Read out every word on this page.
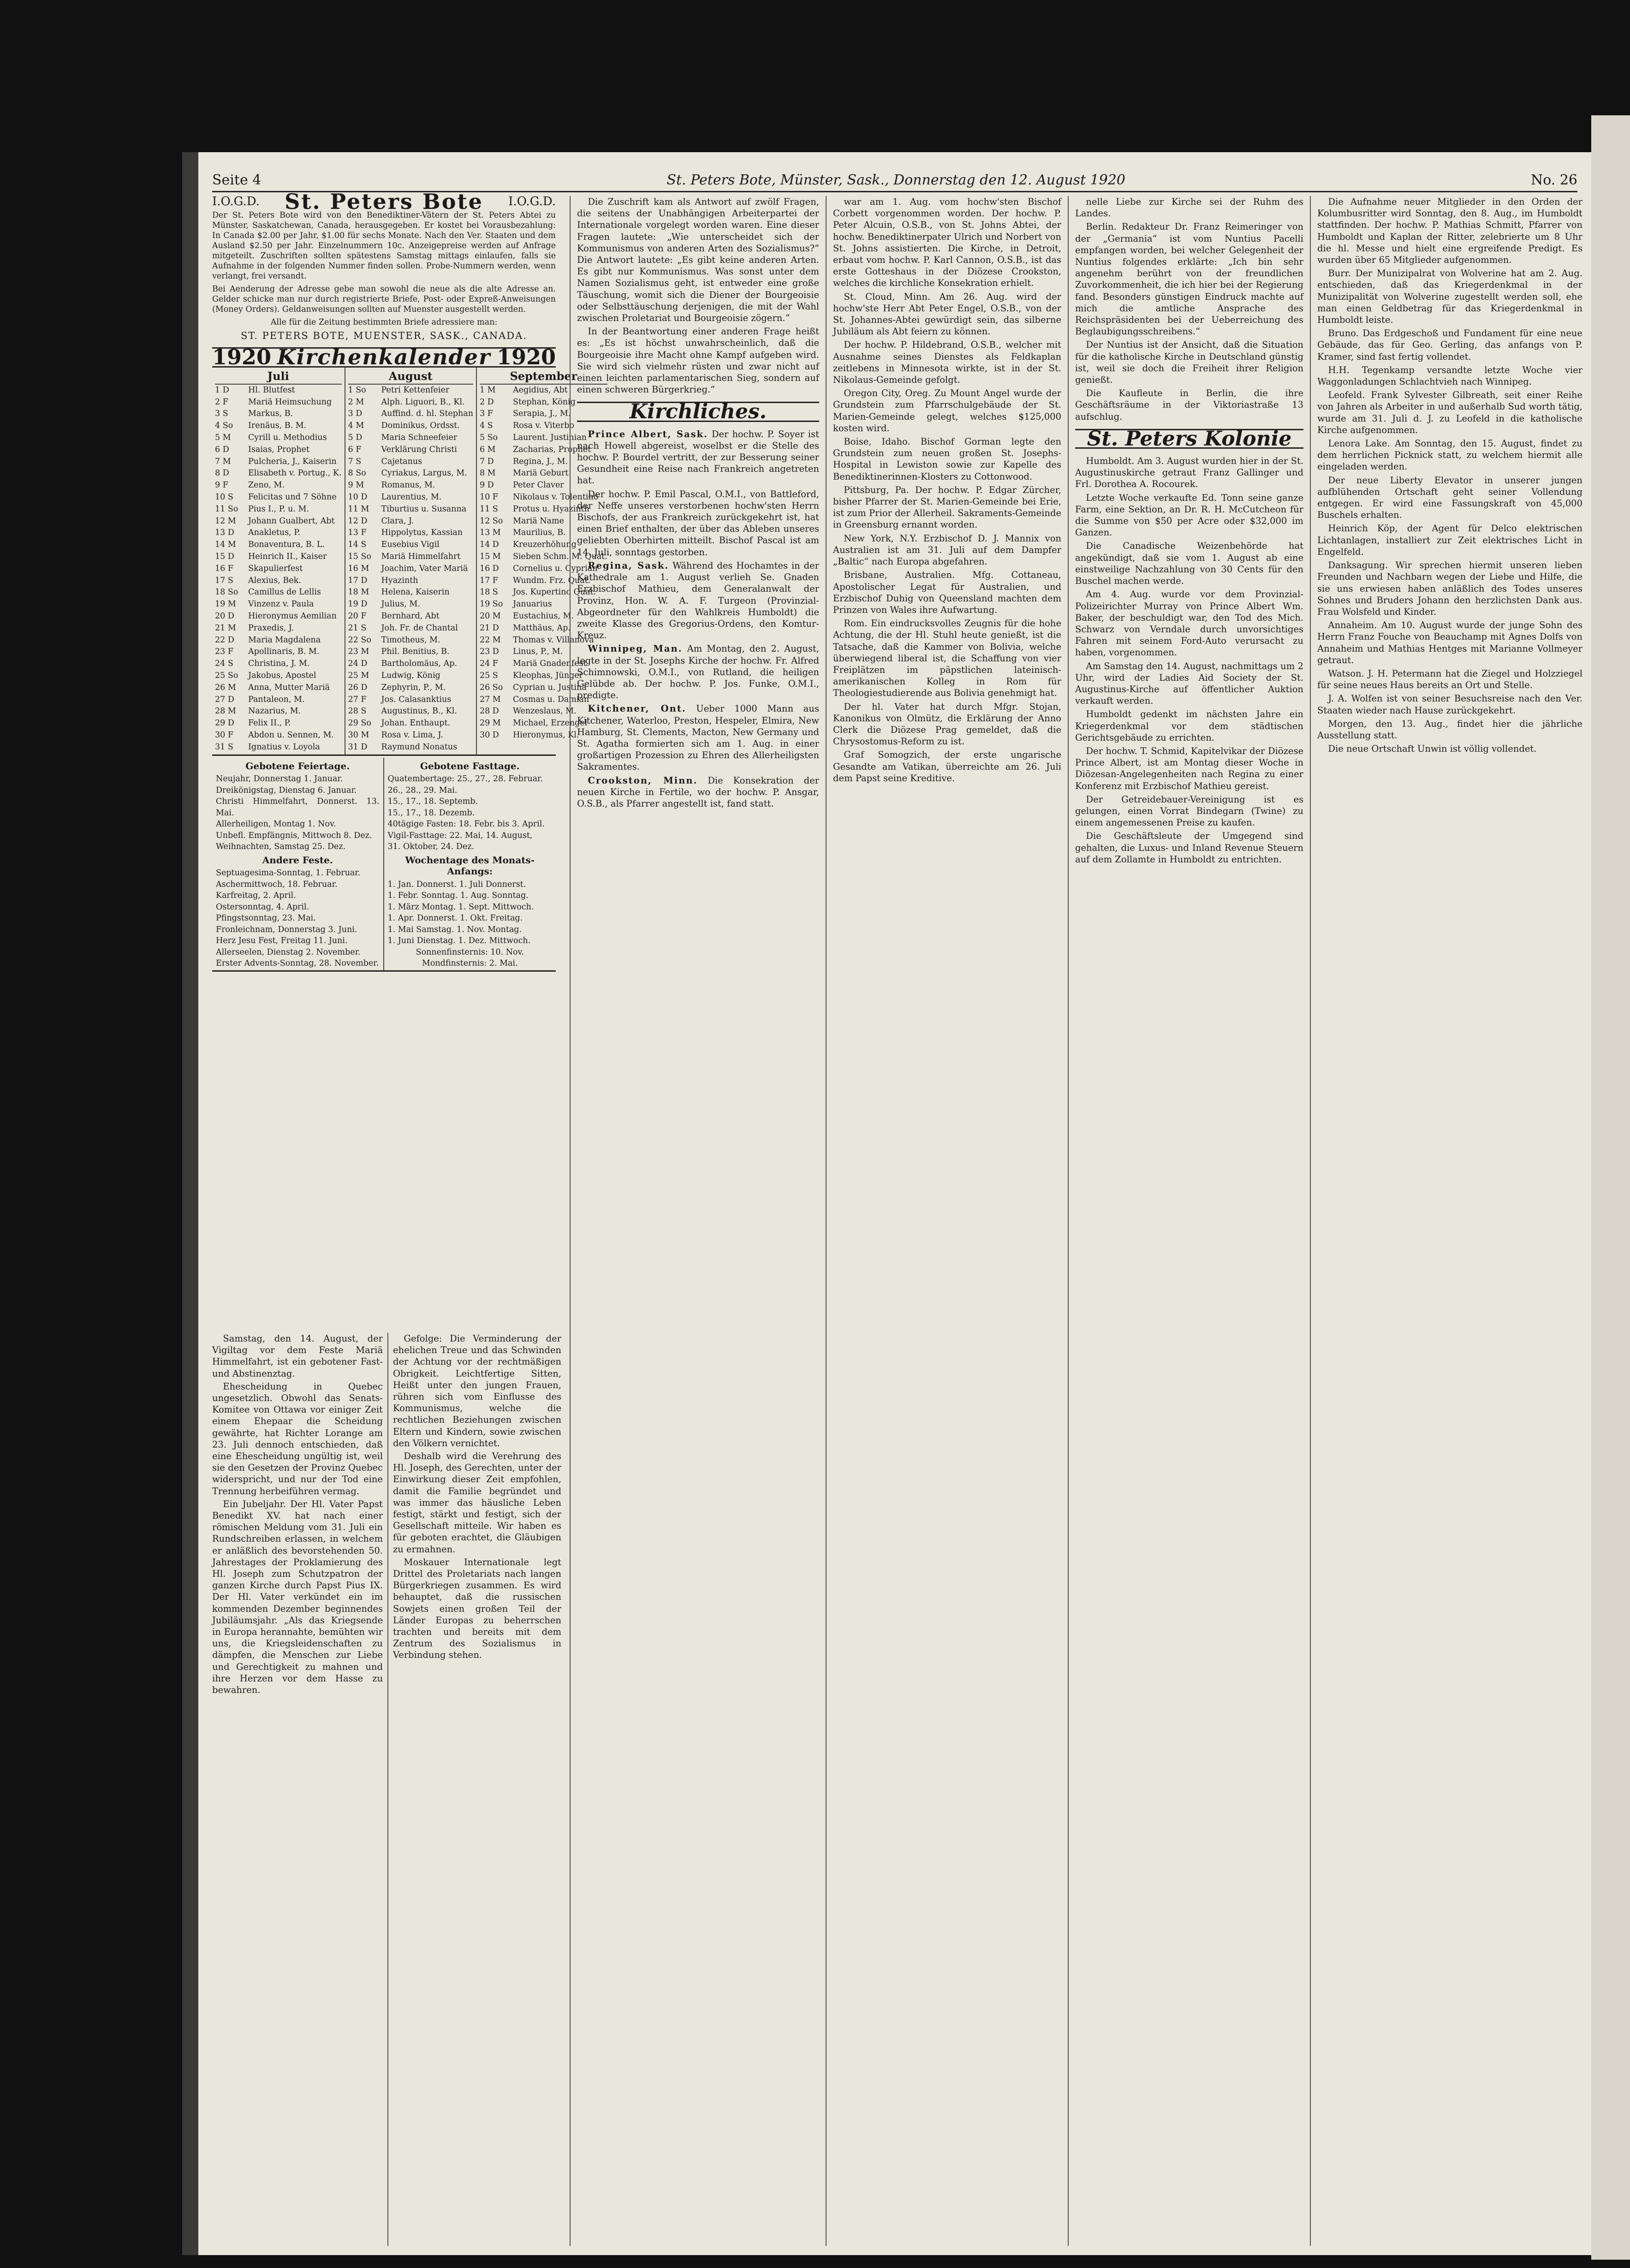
Seite 4	St. Peters Bote, Münster, Sask., Donnerstag den 12. August 1920	No. 26
I.O.G.D. St. Peters Bote I.O.G.D.
Der St. Peters Bote wird von den Benediktiner-Vätern der St. Peters Abtei zu Münster, Saskatchewan, Canada, herausgegeben. Er kostet bei Vorausbezahlung: In Canada $2.00 per Jahr, $1.00 für sechs Monate. Nach den Ver. Staaten und dem Ausland $2.50 per Jahr. Einzelnummern 10c. Anzeigepreise werden auf Anfrage mitgeteilt. Zuschriften sollten spätestens Samstag mittags einlaufen, falls sie Aufnahme in der folgenden Nummer finden sollen. Probe-Nummern werden, wenn verlangt, frei versandt.
Bei Aenderung der Adresse gebe man sowohl die neue als die alte Adresse an. Gelder schicke man nur durch registrierte Briefe, Post- oder Expreß-Anweisungen (Money Orders). Geldanweisungen sollten auf Muenster ausgestellt werden.
Alle für die Zeitung bestimmten Briefe adressiere man:
ST. PETERS BOTE, MUENSTER, SASK., CANADA.
1920 Kirchenkalender 1920
Juli
1 D	Hl. Blutfest
2 F	Mariä Heimsuchung
3 S	Markus, B.
4 So	Irenäus, B. M.
5 M	Cyrill u. Methodius
6 D	Isaias, Prophet
7 M	Pulcheria, J., Kaiserin
8 D	Elisabeth v. Portug., K.
9 F	Zeno, M.
10 S	Felicitas und 7 Söhne
11 So	Pius I., P. u. M.
12 M	Johann Gualbert, Abt
13 D	Anakletus, P.
14 M	Bonaventura, B. L.
15 D	Heinrich II., Kaiser
16 F	Skapulierfest
17 S	Alexius, Bek.
18 So	Camillus de Lellis
19 M	Vinzenz v. Paula
20 D	Hieronymus Aemilian
21 M	Praxedis, J.
22 D	Maria Magdalena
23 F	Apollinaris, B. M.
24 S	Christina, J. M.
25 So	Jakobus, Apostel
26 M	Anna, Mutter Mariä
27 D	Pantaleon, M.
28 M	Nazarius, M.
29 D	Felix II., P.
30 F	Abdon u. Sennen, M.
31 S	Ignatius v. Loyola
August
1 So	Petri Kettenfeier
2 M	Alph. Liguori, B., Kl.
3 D	Auffind. d. hl. Stephan
4 M	Dominikus, Ordsst.
5 D	Maria Schneefeier
6 F	Verklärung Christi
7 S	Cajetanus
8 So	Cyriakus, Largus, M.
9 M	Romanus, M.
10 D	Laurentius, M.
11 M	Tiburtius u. Susanna
12 D	Clara, J.
13 F	Hippolytus, Kassian
14 S	Eusebius Vigil
15 So	Mariä Himmelfahrt
16 M	Joachim, Vater Mariä
17 D	Hyazinth
18 M	Helena, Kaiserin
19 D	Julius, M.
20 F	Bernhard, Abt
21 S	Joh. Fr. de Chantal
22 So	Timotheus, M.
23 M	Phil. Benitius, B.
24 D	Bartholomäus, Ap.
25 M	Ludwig, König
26 D	Zephyrin, P., M.
27 F	Jos. Calasanktius
28 S	Augustinus, B., Kl.
29 So	Johan. Enthaupt.
30 M	Rosa v. Lima, J.
31 D	Raymund Nonatus
September
1 M	Aegidius, Abt
2 D	Stephan, König
3 F	Serapia, J., M.
4 S	Rosa v. Viterbo
5 So	Laurent. Justinian
6 M	Zacharias, Prophet
7 D	Regina, J., M.
8 M	Mariä Geburt
9 D	Peter Claver
10 F	Nikolaus v. Tolentino
11 S	Protus u. Hyazinth
12 So	Mariä Name
13 M	Maurilius, B.
14 D	Kreuzerhöhung
15 M	Sieben Schm. M. Quat.
16 D	Cornelius u. Cyprian
17 F	Wundm. Frz. Quat.
18 S	Jos. Kupertino Quat.
19 So	Januarius
20 M	Eustachius, M.
21 D	Matthäus, Ap.
22 M	Thomas v. Villanova
23 D	Linus, P., M.
24 F	Mariä Gnadenfest
25 S	Kleophas, Jünger
26 So	Cyprian u. Justina
27 M	Cosmas u. Damian
28 D	Wenzeslaus, M.
29 M	Michael, Erzengel
30 D	Hieronymus, Kl.
Gebotene Feiertage.
Neujahr, Donnerstag 1. Januar.
Dreikönigstag, Dienstag 6. Januar.
Christi Himmelfahrt, Donnerst. 13. Mai.
Allerheiligen, Montag 1. Nov.
Unbefl. Empfängnis, Mittwoch 8. Dez.
Weihnachten, Samstag 25. Dez.
Andere Feste.
Septuagesima-Sonntag, 1. Februar.
Aschermittwoch, 18. Februar.
Karfreitag, 2. April.
Ostersonntag, 4. April.
Pfingstsonntag, 23. Mai.
Fronleichnam, Donnerstag 3. Juni.
Herz Jesu Fest, Freitag 11. Juni.
Allerseelen, Dienstag 2. November.
Erster Advents-Sonntag, 28. November.
Gebotene Fasttage.
Quatembertage: 25., 27., 28. Februar.
26., 28., 29. Mai.
15., 17., 18. Septemb.
15., 17., 18. Dezemb.
40tägige Fasten: 18. Febr. bis 3. April.
Vigil-Fasttage: 22. Mai, 14. August,
31. Oktober, 24. Dez.
Wochentage des Monats-Anfangs:
1. Jan. Donnerst. 1. Juli Donnerst.
1. Febr. Sonntag. 1. Aug. Sonntag.
1. März Montag. 1. Sept. Mittwoch.
1. Apr. Donnerst. 1. Okt. Freitag.
1. Mai Samstag. 1. Nov. Montag.
1. Juni Dienstag. 1. Dez. Mittwoch.
Sonnenfinsternis: 10. Nov.
Mondfinsternis: 2. Mai.

Samstag, den 14. August, der Vigiltag vor dem Feste Mariä Himmelfahrt, ist ein gebotener Fast- und Abstinenztag.

Ehescheidung in Quebec ungesetzlich. Obwohl das Senats-Komitee von Ottawa vor einiger Zeit einem Ehepaar die Scheidung gewährte, hat Richter Lorange am 23. Juli dennoch entschieden, daß eine Ehescheidung ungültig ist, weil sie den Gesetzen der Provinz Quebec widerspricht, und nur der Tod eine Trennung herbeiführen vermag.

Ein Jubeljahr. Der Hl. Vater Papst Benedikt XV. hat nach einer römischen Meldung vom 31. Juli ein Rundschreiben erlassen, in welchem er anläßlich des bevorstehenden 50. Jahrestages der Proklamierung des Hl. Joseph zum Schutzpatron der ganzen Kirche durch Papst Pius IX. Der Hl. Vater verkündet ein im kommenden Dezember beginnendes Jubiläumsjahr. „Als das Kriegsende in Europa herannahte, bemühten wir uns, die Kriegsleidenschaften zu dämpfen, die Menschen zur Liebe und Gerechtigkeit zu mahnen und ihre Herzen vor dem Hasse zu bewahren.

Gefolge: Die Verminderung der ehelichen Treue und das Schwinden der Achtung vor der rechtmäßigen Obrigkeit. Leichtfertige Sitten, Heißt unter den jungen Frauen, rühren sich vom Einflusse des Kommunismus, welche die rechtlichen Beziehungen zwischen Eltern und Kindern, sowie zwischen den Völkern vernichtet.

Deshalb wird die Verehrung des Hl. Joseph, des Gerechten, unter der Einwirkung dieser Zeit empfohlen, damit die Familie begründet und was immer das häusliche Leben festigt, stärkt und festigt, sich der Gesellschaft mitteile. Wir haben es für geboten erachtet, die Gläubigen zu ermahnen.

Moskauer Internationale legt Drittel des Proletariats nach langen Bürgerkriegen zusammen. Es wird behauptet, daß die russischen Sowjets einen großen Teil der Länder Europas zu beherrschen trachten und bereits mit dem Zentrum des Sozialismus in Verbindung stehen.

Die Zuschrift kam als Antwort auf zwölf Fragen, die seitens der Unabhängigen Arbeiterpartei der Internationale vorgelegt worden waren. Eine dieser Fragen lautete: „Wie unterscheidet sich der Kommunismus von anderen Arten des Sozialismus?“ Die Antwort lautete: „Es gibt keine anderen Arten. Es gibt nur Kommunismus. Was sonst unter dem Namen Sozialismus geht, ist entweder eine große Täuschung, womit sich die Diener der Bourgeoisie oder Selbsttäuschung derjenigen, die mit der Wahl zwischen Proletariat und Bourgeoisie zögern.“

In der Beantwortung einer anderen Frage heißt es: „Es ist höchst unwahrscheinlich, daß die Bourgeoisie ihre Macht ohne Kampf aufgeben wird. Sie wird sich vielmehr rüsten und zwar nicht auf einen leichten parlamentarischen Sieg, sondern auf einen schweren Bürgerkrieg.“

Kirchliches.

Prince Albert, Sask. Der hochw. P. Soyer ist nach Howell abgereist, woselbst er die Stelle des hochw. P. Bourdel vertritt, der zur Besserung seiner Gesundheit eine Reise nach Frankreich angetreten hat.

Der hochw. P. Emil Pascal, O.M.I., von Battleford, der Neffe unseres verstorbenen hochw'sten Herrn Bischofs, der aus Frankreich zurückgekehrt ist, hat einen Brief enthalten, der über das Ableben unseres geliebten Oberhirten mitteilt. Bischof Pascal ist am 14. Juli, sonntags gestorben.

Regina, Sask. Während des Hochamtes in der Kathedrale am 1. August verlieh Se. Gnaden Erzbischof Mathieu, dem Generalanwalt der Provinz, Hon. W. A. F. Turgeon (Provinzial-Abgeordneter für den Wahlkreis Humboldt) die zweite Klasse des Gregorius-Ordens, den Komtur-Kreuz.

Winnipeg, Man. Am Montag, den 2. August, legte in der St. Josephs Kirche der hochw. Fr. Alfred Schimnowski, O.M.I., von Rutland, die heiligen Gelübde ab. Der hochw. P. Jos. Funke, O.M.I., predigte.

Kitchener, Ont. Ueber 1000 Mann aus Kitchener, Waterloo, Preston, Hespeler, Elmira, New Hamburg, St. Clements, Macton, New Germany und St. Agatha formierten sich am 1. Aug. in einer großartigen Prozession zu Ehren des Allerheiligsten Sakramentes.

Crookston, Minn. Die Konsekration der neuen Kirche in Fertile, wo der hochw. P. Ansgar, O.S.B., als Pfarrer angestellt ist, fand statt.

war am 1. Aug. vom hochw'sten Bischof Corbett vorgenommen worden. Der hochw. P. Peter Alcuin, O.S.B., von St. Johns Abtei, der hochw. Benediktinerpater Ulrich und Norbert von St. Johns assistierten. Die Kirche, in Detroit, erbaut vom hochw. P. Karl Cannon, O.S.B., ist das erste Gotteshaus in der Diözese Crookston, welches die kirchliche Konsekration erhielt.

St. Cloud, Minn. Am 26. Aug. wird der hochw'ste Herr Abt Peter Engel, O.S.B., von der St. Johannes-Abtei gewürdigt sein, das silberne Jubiläum als Abt feiern zu können.

Der hochw. P. Hildebrand, O.S.B., welcher mit Ausnahme seines Dienstes als Feldkaplan zeitlebens in Minnesota wirkte, ist in der St. Nikolaus-Gemeinde gefolgt.

Oregon City, Oreg. Zu Mount Angel wurde der Grundstein zum Pfarrschulgebäude der St. Marien-Gemeinde gelegt, welches $125,000 kosten wird.

Boise, Idaho. Bischof Gorman legte den Grundstein zum neuen großen St. Josephs-Hospital in Lewiston sowie zur Kapelle des Benediktinerinnen-Klosters zu Cottonwood.

Pittsburg, Pa. Der hochw. P. Edgar Zürcher, bisher Pfarrer der St. Marien-Gemeinde bei Erie, ist zum Prior der Allerheil. Sakraments-Gemeinde in Greensburg ernannt worden.

New York, N.Y. Erzbischof D. J. Mannix von Australien ist am 31. Juli auf dem Dampfer „Baltic“ nach Europa abgefahren.

Brisbane, Australien. Mfg. Cottaneau, Apostolischer Legat für Australien, und Erzbischof Duhig von Queensland machten dem Prinzen von Wales ihre Aufwartung.

Rom. Ein eindrucksvolles Zeugnis für die hohe Achtung, die der Hl. Stuhl heute genießt, ist die Tatsache, daß die Kammer von Bolivia, welche überwiegend liberal ist, die Schaffung von vier Freiplätzen im päpstlichen lateinisch-amerikanischen Kolleg in Rom für Theologiestudierende aus Bolivia genehmigt hat.

Der hl. Vater hat durch Mfgr. Stojan, Kanonikus von Olmütz, die Erklärung der Anno Clerk die Diözese Prag gemeldet, daß die Chrysostomus-Reform zu ist.

Graf Somogzich, der erste ungarische Gesandte am Vatikan, überreichte am 26. Juli dem Papst seine Kreditive.

nelle Liebe zur Kirche sei der Ruhm des Landes.

Berlin. Redakteur Dr. Franz Reimeringer von der „Germania“ ist vom Nuntius Pacelli empfangen worden, bei welcher Gelegenheit der Nuntius folgendes erklärte: „Ich bin sehr angenehm berührt von der freundlichen Zuvorkommenheit, die ich hier bei der Regierung fand. Besonders günstigen Eindruck machte auf mich die amtliche Ansprache des Reichspräsidenten bei der Ueberreichung des Beglaubigungsschreibens.“

Der Nuntius ist der Ansicht, daß die Situation für die katholische Kirche in Deutschland günstig ist, weil sie doch die Freiheit ihrer Religion genießt.

Die Kaufleute in Berlin, die ihre Geschäftsräume in der Viktoriastraße 13 aufschlug.

St. Peters Kolonie

Humboldt. Am 3. August wurden hier in der St. Augustinuskirche getraut Franz Gallinger und Frl. Dorothea A. Rocourek.

Letzte Woche verkaufte Ed. Tonn seine ganze Farm, eine Sektion, an Dr. R. H. McCutcheon für die Summe von $50 per Acre oder $32,000 im Ganzen.

Die Canadische Weizenbehörde hat angekündigt, daß sie vom 1. August ab eine einstweilige Nachzahlung von 30 Cents für den Buschel machen werde.

Am 4. Aug. wurde vor dem Provinzial-Polizeirichter Murray von Prince Albert Wm. Baker, der beschuldigt war, den Tod des Mich. Schwarz von Verndale durch unvorsichtiges Fahren mit seinem Ford-Auto verursacht zu haben, vorgenommen.

Am Samstag den 14. August, nachmittags um 2 Uhr, wird der Ladies Aid Society der St. Augustinus-Kirche auf öffentlicher Auktion verkauft werden.

Humboldt gedenkt im nächsten Jahre ein Kriegerdenkmal vor dem städtischen Gerichtsgebäude zu errichten.

Der hochw. T. Schmid, Kapitelvikar der Diözese Prince Albert, ist am Montag dieser Woche in Diözesan-Angelegenheiten nach Regina zu einer Konferenz mit Erzbischof Mathieu gereist.

Der Getreidebauer-Vereinigung ist es gelungen, einen Vorrat Bindegarn (Twine) zu einem angemessenen Preise zu kaufen.

Die Geschäftsleute der Umgegend sind gehalten, die Luxus- und Inland Revenue Steuern auf dem Zollamte in Humboldt zu entrichten.

Die Aufnahme neuer Mitglieder in den Orden der Kolumbusritter wird Sonntag, den 8. Aug., im Humboldt stattfinden. Der hochw. P. Mathias Schmitt, Pfarrer von Humboldt und Kaplan der Ritter, zelebrierte um 8 Uhr die hl. Messe und hielt eine ergreifende Predigt. Es wurden über 65 Mitglieder aufgenommen.

Burr. Der Munizipalrat von Wolverine hat am 2. Aug. entschieden, daß das Kriegerdenkmal in der Munizipalität von Wolverine zugestellt werden soll, ehe man einen Geldbetrag für das Kriegerdenkmal in Humboldt leiste.

Bruno. Das Erdgeschoß und Fundament für eine neue Gebäude, das für Geo. Gerling, das anfangs von P. Kramer, sind fast fertig vollendet.

H.H. Tegenkamp versandte letzte Woche vier Waggonladungen Schlachtvieh nach Winnipeg.

Leofeld. Frank Sylvester Gilbreath, seit einer Reihe von Jahren als Arbeiter in und außerhalb Sud worth tätig, wurde am 31. Juli d. J. zu Leofeld in die katholische Kirche aufgenommen.

Lenora Lake. Am Sonntag, den 15. August, findet zu dem herrlichen Picknick statt, zu welchem hiermit alle eingeladen werden.

Der neue Liberty Elevator in unserer jungen aufblühenden Ortschaft geht seiner Vollendung entgegen. Er wird eine Fassungskraft von 45,000 Buschels erhalten.

Heinrich Köp, der Agent für Delco elektrischen Lichtanlagen, installiert zur Zeit elektrisches Licht in Engelfeld.

Danksagung. Wir sprechen hiermit unseren lieben Freunden und Nachbarn wegen der Liebe und Hilfe, die sie uns erwiesen haben anläßlich des Todes unseres Sohnes und Bruders Johann den herzlichsten Dank aus. Frau Wolsfeld und Kinder.

Annaheim. Am 10. August wurde der junge Sohn des Herrn Franz Fouche von Beauchamp mit Agnes Dolfs von Annaheim und Mathias Hentges mit Marianne Vollmeyer getraut.

Watson. J. H. Petermann hat die Ziegel und Holzziegel für seine neues Haus bereits an Ort und Stelle.

J. A. Wolfen ist von seiner Besuchsreise nach den Ver. Staaten wieder nach Hause zurückgekehrt.

Morgen, den 13. Aug., findet hier die jährliche Ausstellung statt.

Die neue Ortschaft Unwin ist völlig vollendet.
